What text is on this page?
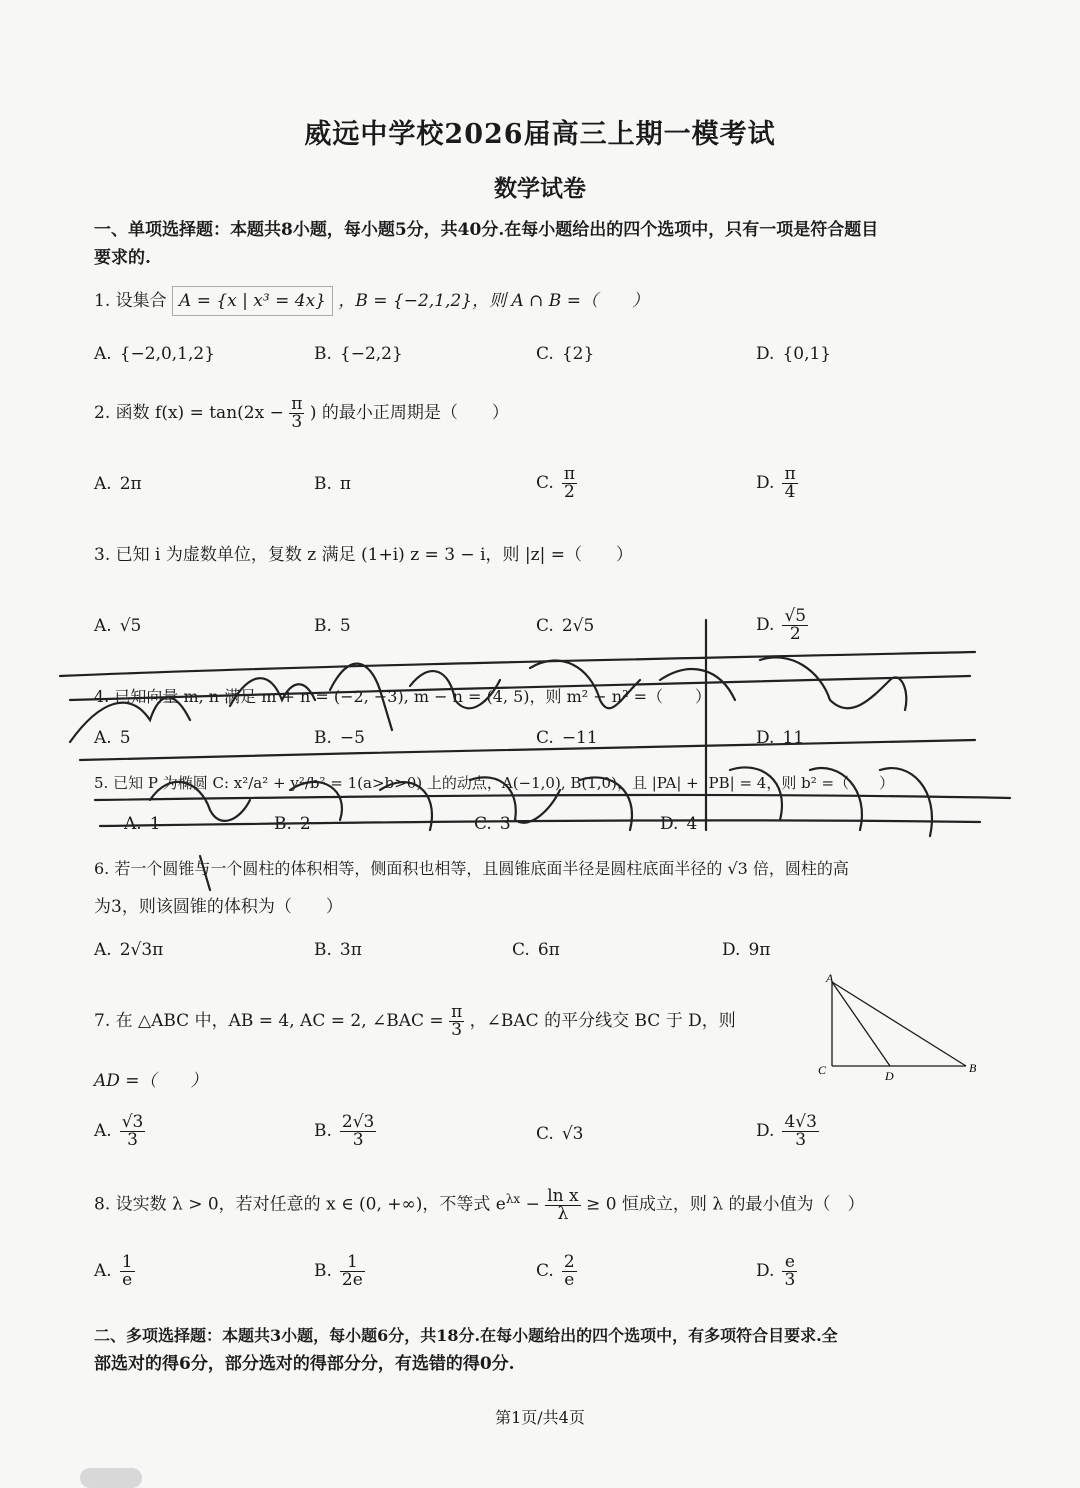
威远中学校2026届高三上期一模考试
数学试卷
一、单项选择题：本题共8小题，每小题5分，共40分.在每小题给出的四个选项中，只有一项是符合题目
要求的.
1. 设集合 A = {x | x³ = 4x} ，B = {−2,1,2}，则 A ∩ B =（　　）
A. {−2,0,1,2}	B. {−2,2}	C. {2}	D. {0,1}
2. 函数 $f(x) = \tan(2x - \frac{\pi}{3}$ ) 的最小正周期是（　　）
A. 2π	B. π	C. $\frac{\pi}{2}$	D. $\frac{\pi}{4}$
3. 已知 i 为虚数单位，复数 z 满足 (1+i) z = 3 − i，则 |z| =（　　）
A. √5	B. 5	C. 2√5	D. $\frac{√5}{2}$
4. 已知向量 m, n 满足 m + n = (−2, −3), m − n = (4, 5)，则 m² − n² =（　　）
A. 5	B. −5	C. −11	D. 11
5. 已知 P 为椭圆 C: x²/a² + y²/b² = 1(a>b>0) 上的动点，A(−1,0), B(1,0)，且 |PA| + |PB| = 4，则 b² =（　　）
A. 1	B. 2	C. 3	D. 4
6. 若一个圆锥与一个圆柱的体积相等，侧面积也相等，且圆锥底面半径是圆柱底面半径的 √3 倍，圆柱的高
为3，则该圆锥的体积为（　　）
A. 2√3π	B. 3π	C. 6π	D. 9π
7. 在 △ABC 中，AB = 4, AC = 2, ∠BAC = $\frac{\pi}{3}$ ，∠BAC 的平分线交 BC 于 D，则
AD =（　　）
A
C	D
B
A. $\frac{√3}{3}$	B. $\frac{2√3}{3}$	C. √3	D. $\frac{4√3}{3}$
8. 设实数 λ > 0，若对任意的 x ∈ (0, +∞)，不等式 $e^{\lambda x} - \frac{\text{ln x}}{\lambda} \ge 0$ 恒成立，则 λ 的最小值为（　）
A. $\frac{1}{e}$	B. $\frac{1}{2e}$	C. $\frac{2}{e}$	D. $\frac{e}{3}$
二、多项选择题：本题共3小题，每小题6分，共18分.在每小题给出的四个选项中，有多项符合目要求.全
部选对的得6分，部分选对的得部分分，有选错的得0分.
第1页/共4页
